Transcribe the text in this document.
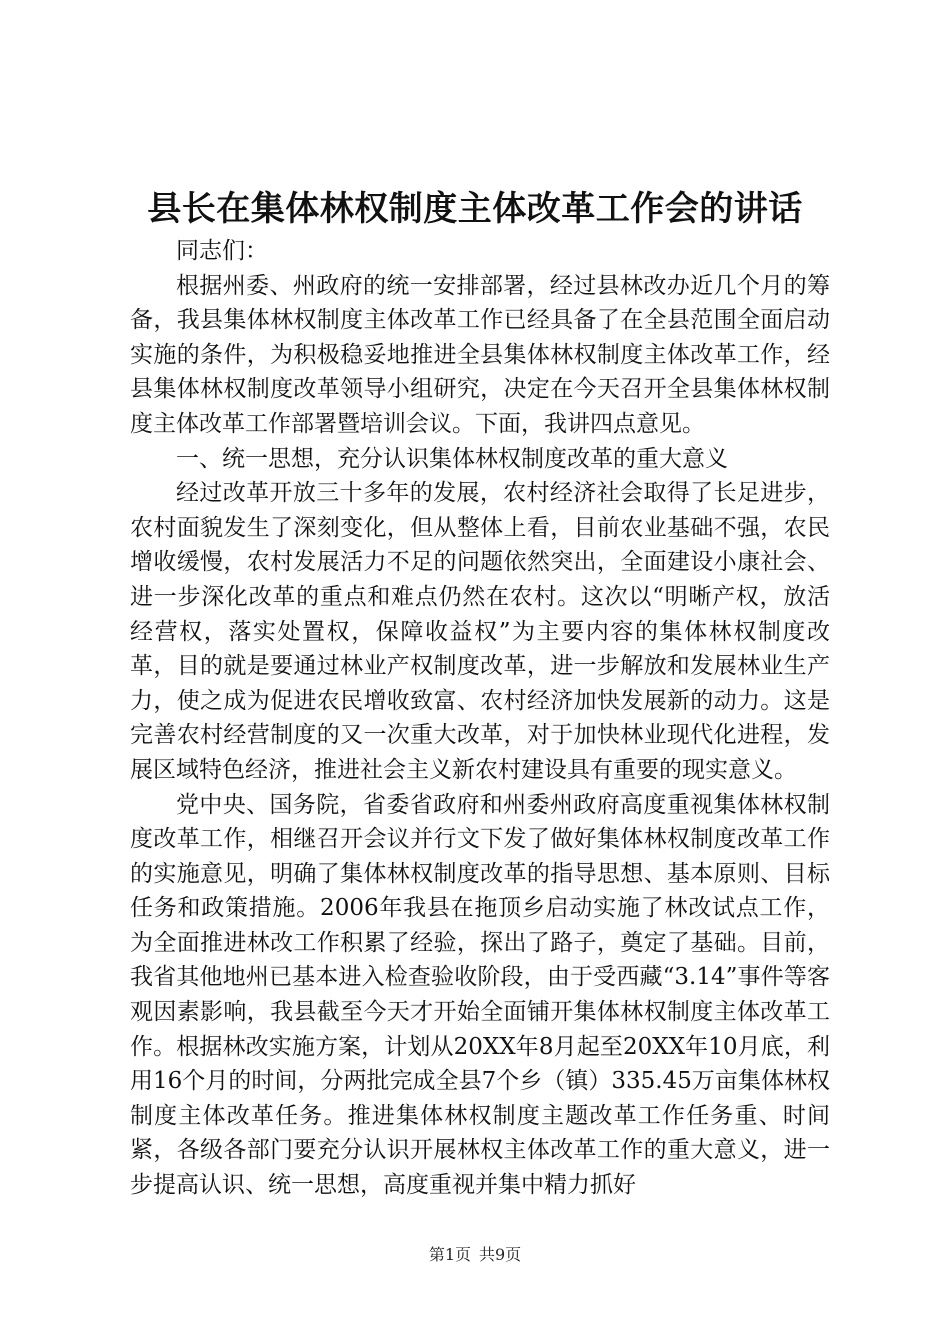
县长在集体林权制度主体改革工作会的讲话

同志们：

根据州委、州政府的统一安排部署，经过县林改办近几个月的筹备，我县集体林权制度主体改革工作已经具备了在全县范围全面启动实施的条件，为积极稳妥地推进全县集体林权制度主体改革工作，经县集体林权制度改革领导小组研究，决定在今天召开全县集体林权制度主体改革工作部署暨培训会议。下面，我讲四点意见。

一、统一思想，充分认识集体林权制度改革的重大意义

经过改革开放三十多年的发展，农村经济社会取得了长足进步，农村面貌发生了深刻变化，但从整体上看，目前农业基础不强，农民增收缓慢，农村发展活力不足的问题依然突出，全面建设小康社会、进一步深化改革的重点和难点仍然在农村。这次以“明晰产权，放活经营权，落实处置权，保障收益权”为主要内容的集体林权制度改革，目的就是要通过林业产权制度改革，进一步解放和发展林业生产力，使之成为促进农民增收致富、农村经济加快发展新的动力。这是完善农村经营制度的又一次重大改革，对于加快林业现代化进程，发展区域特色经济，推进社会主义新农村建设具有重要的现实意义。

党中央、国务院，省委省政府和州委州政府高度重视集体林权制度改革工作，相继召开会议并行文下发了做好集体林权制度改革工作的实施意见，明确了集体林权制度改革的指导思想、基本原则、目标任务和政策措施。2006年我县在拖顶乡启动实施了林改试点工作，为全面推进林改工作积累了经验，探出了路子，奠定了基础。目前，我省其他地州已基本进入检查验收阶段，由于受西藏“3.14”事件等客观因素影响，我县截至今天才开始全面铺开集体林权制度主体改革工作。根据林改实施方案，计划从20XX年8月起至20XX年10月底，利用16个月的时间，分两批完成全县7个乡（镇）335.45万亩集体林权制度主体改革任务。推进集体林权制度主题改革工作任务重、时间紧，各级各部门要充分认识开展林权主体改革工作的重大意义，进一步提高认识、统一思想，高度重视并集中精力抓好

第1页 共9页
